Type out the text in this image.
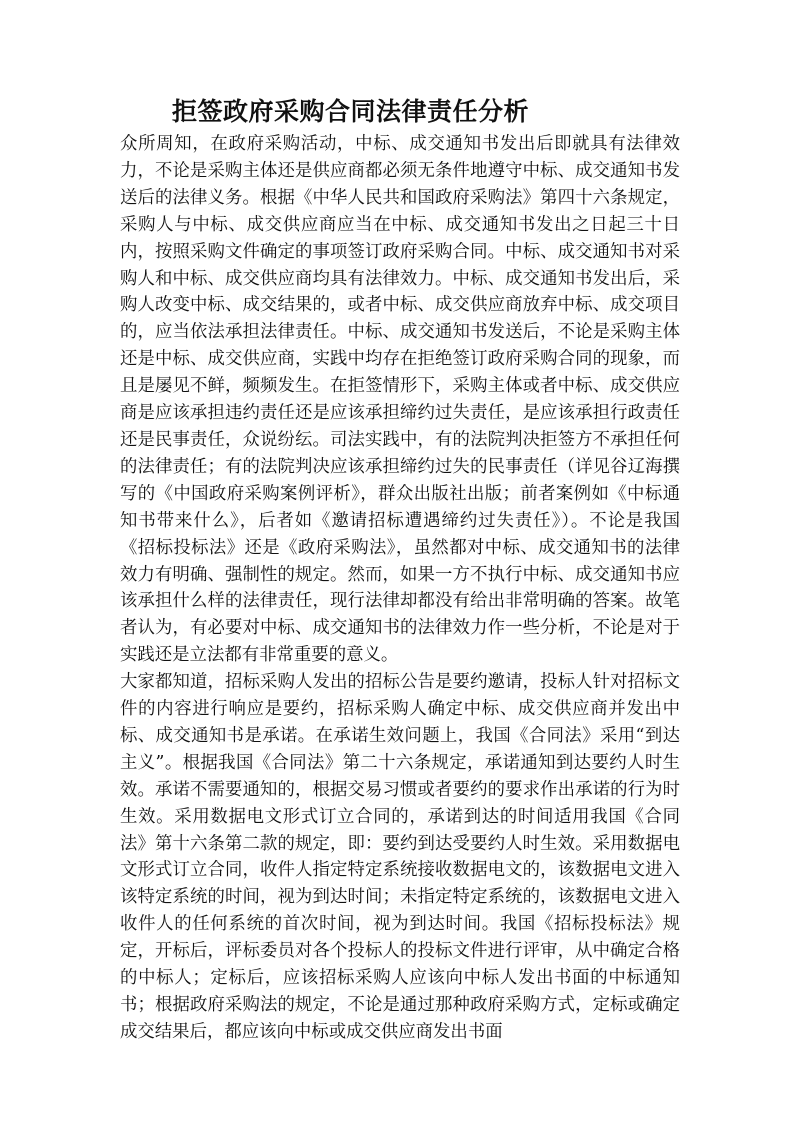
拒签政府采购合同法律责任分析

众所周知，在政府采购活动，中标、成交通知书发出后即就具有法律效力，不论是采购主体还是供应商都必须无条件地遵守中标、成交通知书发送后的法律义务。根据《中华人民共和国政府采购法》第四十六条规定，采购人与中标、成交供应商应当在中标、成交通知书发出之日起三十日内，按照采购文件确定的事项签订政府采购合同。中标、成交通知书对采购人和中标、成交供应商均具有法律效力。中标、成交通知书发出后，采购人改变中标、成交结果的，或者中标、成交供应商放弃中标、成交项目的，应当依法承担法律责任。中标、成交通知书发送后，不论是采购主体还是中标、成交供应商，实践中均存在拒绝签订政府采购合同的现象，而且是屡见不鲜，频频发生。在拒签情形下，采购主体或者中标、成交供应商是应该承担违约责任还是应该承担缔约过失责任，是应该承担行政责任还是民事责任，众说纷纭。司法实践中，有的法院判决拒签方不承担任何的法律责任；有的法院判决应该承担缔约过失的民事责任（详见谷辽海撰写的《中国政府采购案例评析》，群众出版社出版；前者案例如《中标通知书带来什么》，后者如《邀请招标遭遇缔约过失责任》）。不论是我国《招标投标法》还是《政府采购法》，虽然都对中标、成交通知书的法律效力有明确、强制性的规定。然而，如果一方不执行中标、成交通知书应该承担什么样的法律责任，现行法律却都没有给出非常明确的答案。故笔者认为，有必要对中标、成交通知书的法律效力作一些分析，不论是对于实践还是立法都有非常重要的意义。

大家都知道，招标采购人发出的招标公告是要约邀请，投标人针对招标文件的内容进行响应是要约，招标采购人确定中标、成交供应商并发出中标、成交通知书是承诺。在承诺生效问题上，我国《合同法》采用“到达主义”。根据我国《合同法》第二十六条规定，承诺通知到达要约人时生效。承诺不需要通知的，根据交易习惯或者要约的要求作出承诺的行为时生效。采用数据电文形式订立合同的，承诺到达的时间适用我国《合同法》第十六条第二款的规定，即：要约到达受要约人时生效。采用数据电文形式订立合同，收件人指定特定系统接收数据电文的，该数据电文进入该特定系统的时间，视为到达时间；未指定特定系统的，该数据电文进入收件人的任何系统的首次时间，视为到达时间。我国《招标投标法》规定，开标后，评标委员对各个投标人的投标文件进行评审，从中确定合格的中标人；定标后，应该招标采购人应该向中标人发出书面的中标通知书；根据政府采购法的规定，不论是通过那种政府采购方式，定标或确定成交结果后，都应该向中标或成交供应商发出书面
